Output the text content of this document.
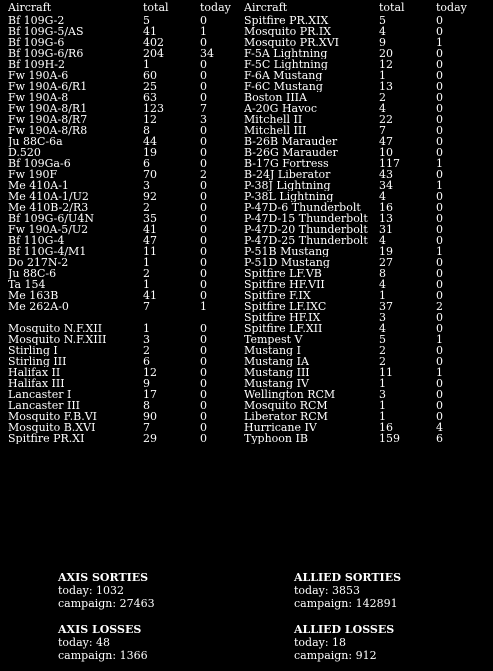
Aircraft	total	today
Bf 109G-2	5	0
Bf 109G-5/AS	41	1
Bf 109G-6	402	0
Bf 109G-6/R6	204	34
Bf 109H-2	1	0
Fw 190A-6	60	0
Fw 190A-6/R1	25	0
Fw 190A-8	63	0
Fw 190A-8/R1	123	7
Fw 190A-8/R7	12	3
Fw 190A-8/R8	8	0
Ju 88C-6a	44	0
D.520	19	0
Bf 109Ga-6	6	0
Fw 190F	70	2
Me 410A-1	3	0
Me 410A-1/U2	92	0
Me 410B-2/R3	2	0
Bf 109G-6/U4N	35	0
Fw 190A-5/U2	41	0
Bf 110G-4	47	0
Bf 110G-4/M1	11	0
Do 217N-2	1	0
Ju 88C-6	2	0
Ta 154	1	0
Me 163B	41	0
Me 262A-0	7	1

Mosquito N.F.XII	1	0
Mosquito N.F.XIII	3	0
Stirling I	2	0
Stirling III	6	0
Halifax II	12	0
Halifax III	9	0
Lancaster I	17	0
Lancaster III	8	0
Mosquito F.B.VI	90	0
Mosquito B.XVI	7	0
Spitfire PR.XI	29	0
Aircraft	total	today
Spitfire PR.XIX	5	0
Mosquito PR.IX	4	0
Mosquito PR.XVI	9	1
F-5A Lightning	20	0
F-5C Lightning	12	0
F-6A Mustang	1	0
F-6C Mustang	13	0
Boston IIIA	2	0
A-20G Havoc	4	0
Mitchell II	22	0
Mitchell III	7	0
B-26B Marauder	47	0
B-26G Marauder	10	0
B-17G Fortress	117	1
B-24J Liberator	43	0
P-38J Lightning	34	1
P-38L Lightning	4	0
P-47D-6 Thunderbolt	16	0
P-47D-15 Thunderbolt	13	0
P-47D-20 Thunderbolt	31	0
P-47D-25 Thunderbolt	4	0
P-51B Mustang	19	1
P-51D Mustang	27	0
Spitfire LF.VB	8	0
Spitfire HF.VII	4	0
Spitfire F.IX	1	0
Spitfire LF.IXC	37	2
Spitfire HF.IX	3	0
Spitfire LF.XII	4	0
Tempest V	5	1
Mustang I	2	0
Mustang IA	2	0
Mustang III	11	1
Mustang IV	1	0
Wellington RCM	3	0
Mosquito RCM	1	0
Liberator RCM	1	0
Hurricane IV	16	4
Typhoon IB	159	6
AXIS SORTIES
today: 1032
campaign: 27463
ALLIED SORTIES
today: 3853
campaign: 142891
AXIS LOSSES
today: 48
campaign: 1366
ALLIED LOSSES
today: 18
campaign: 912
